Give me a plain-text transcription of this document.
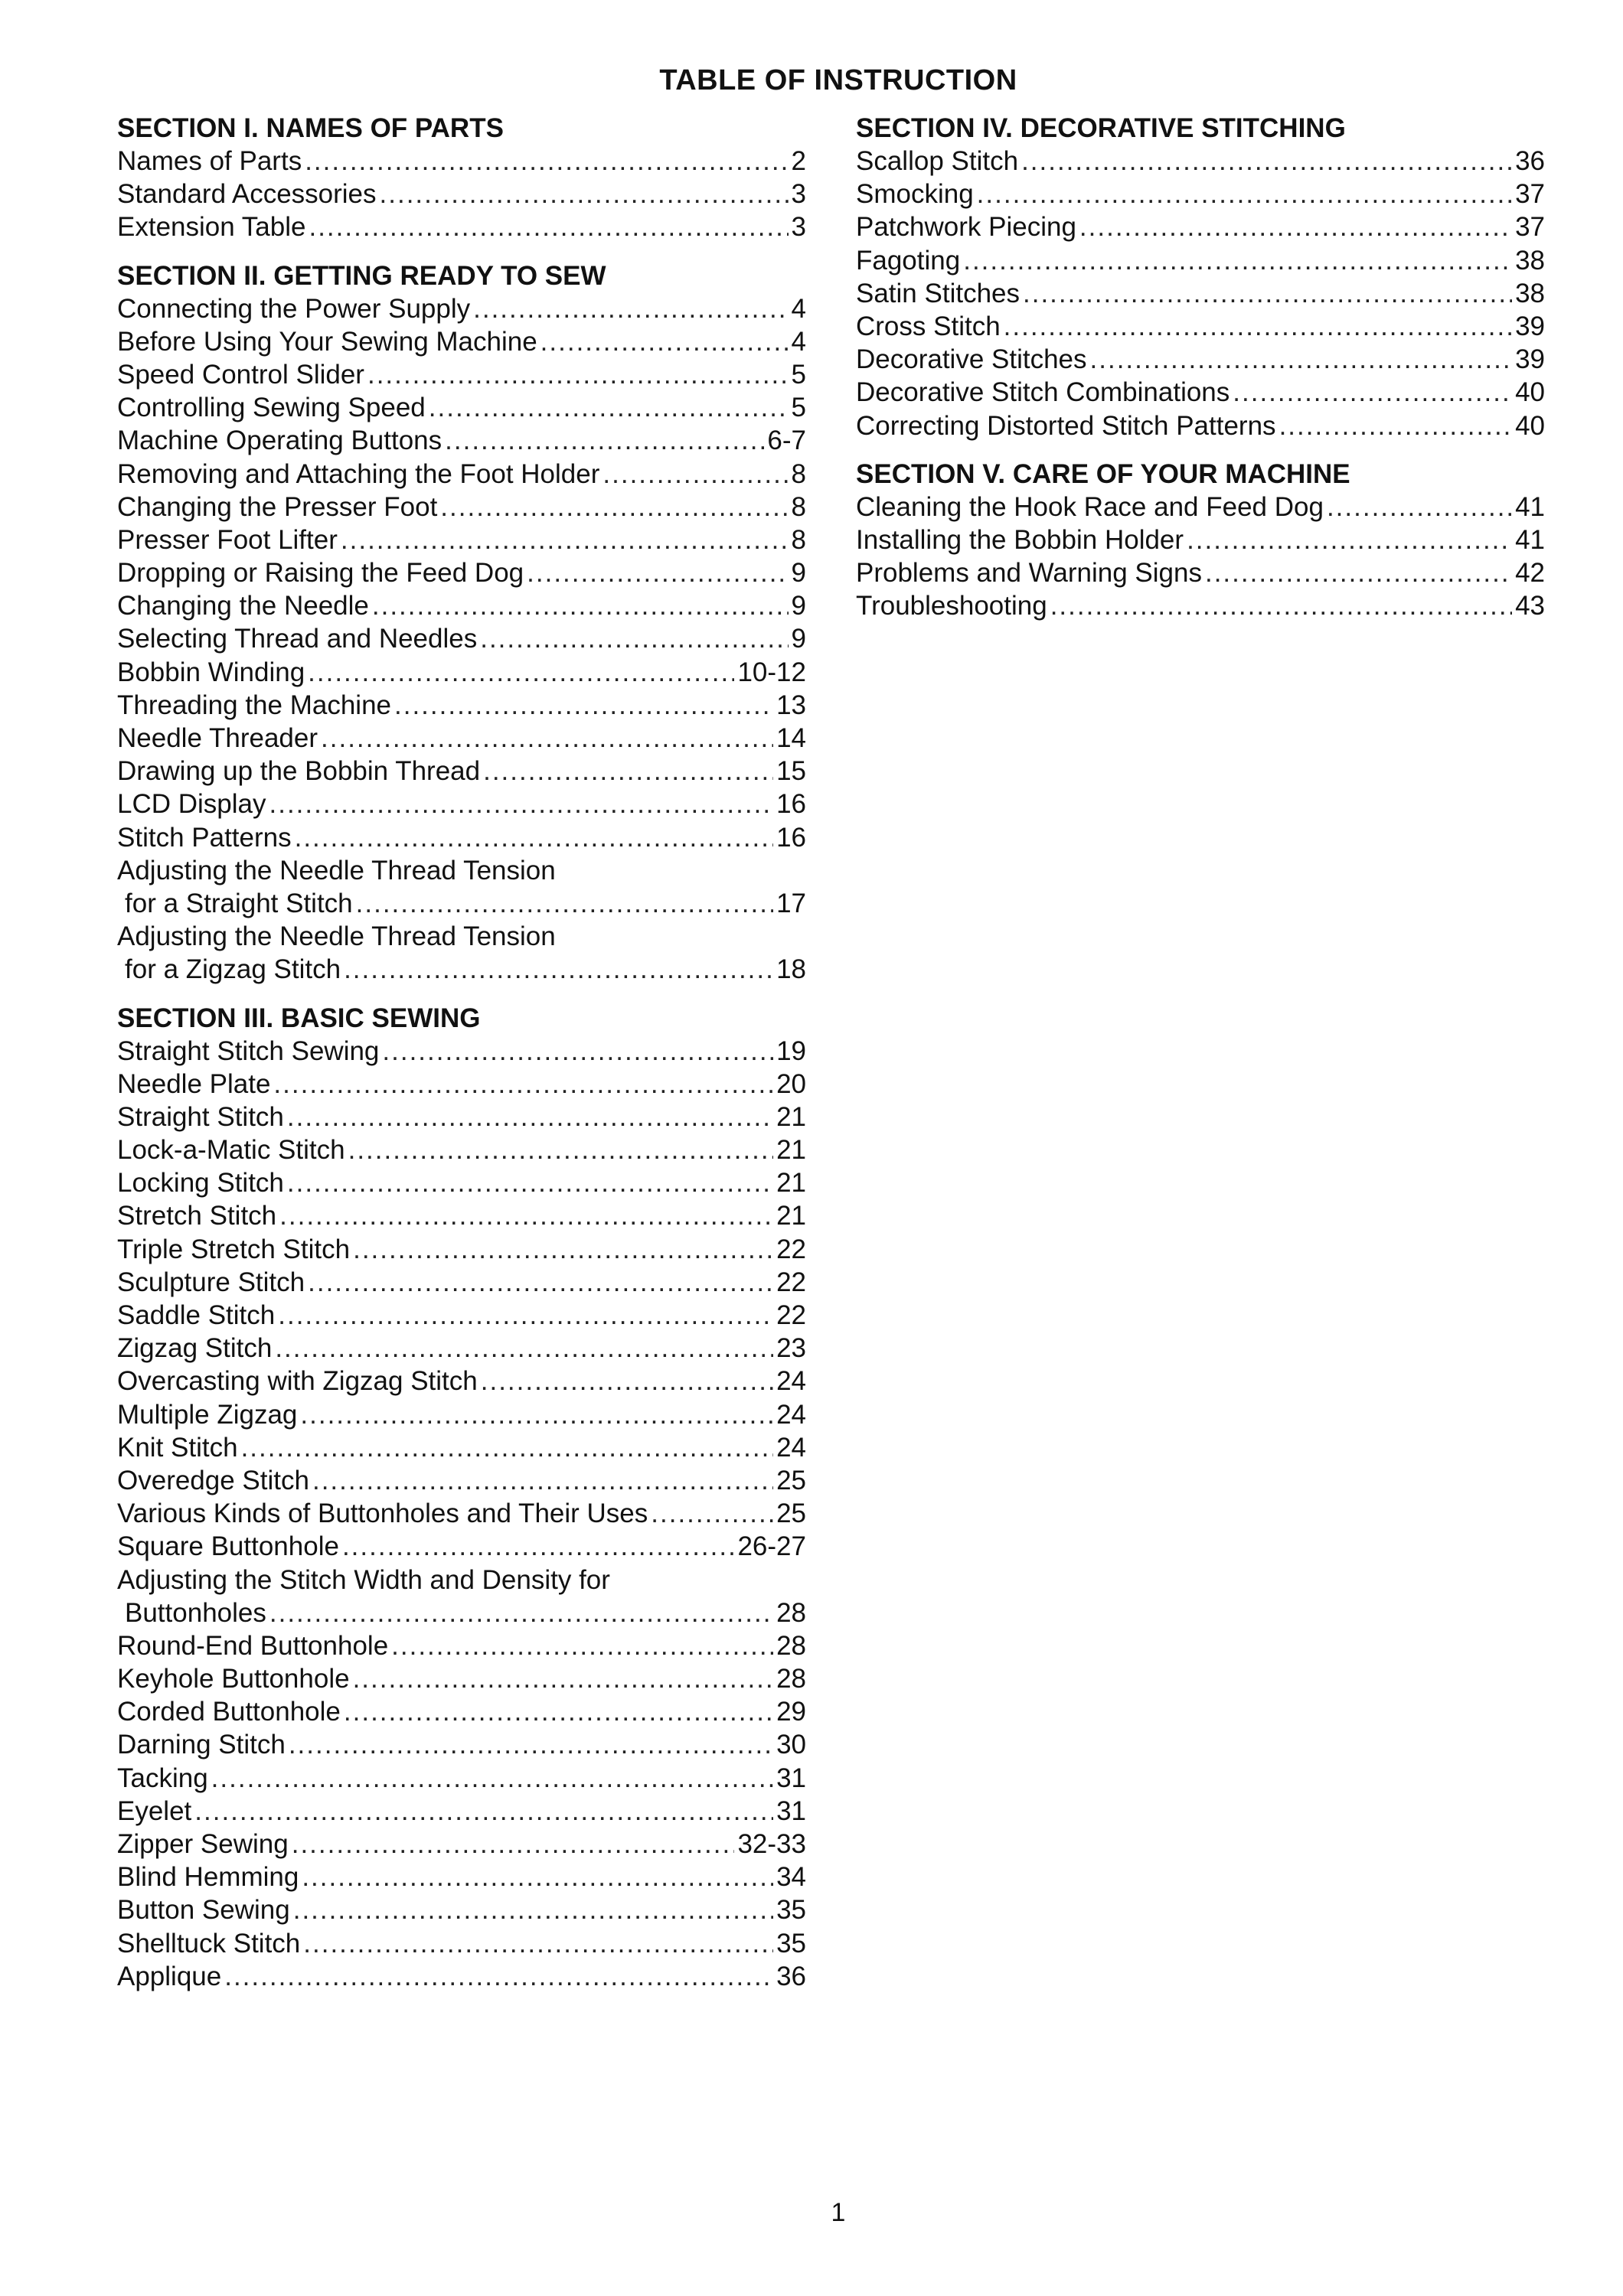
TABLE OF INSTRUCTION
SECTION I. NAMES OF PARTS
Names of Parts .....	2
Standard Accessories .....	3
Extension Table .....	3
SECTION II. GETTING READY TO SEW
Connecting the Power Supply .....	4
Before Using Your Sewing Machine .....	4
Speed Control Slider .....	5
Controlling Sewing Speed .....	5
Machine Operating Buttons .....	6-7
Removing and Attaching the Foot Holder .....	8
Changing the Presser Foot .....	8
Presser Foot Lifter .....	8
Dropping or Raising the Feed Dog .....	9
Changing the Needle .....	9
Selecting Thread and Needles .....	9
Bobbin Winding .....	10-12
Threading the Machine .....	13
Needle Threader .....	14
Drawing up the Bobbin Thread .....	15
LCD Display .....	16
Stitch Patterns .....	16
Adjusting the Needle Thread Tension
for a Straight Stitch .....	17
Adjusting the Needle Thread Tension
for a Zigzag Stitch .....	18
SECTION III. BASIC SEWING
Straight Stitch Sewing .....	19
Needle Plate .....	20
Straight Stitch .....	21
Lock-a-Matic Stitch .....	21
Locking Stitch .....	21
Stretch Stitch .....	21
Triple Stretch Stitch .....	22
Sculpture Stitch .....	22
Saddle Stitch .....	22
Zigzag Stitch .....	23
Overcasting with Zigzag Stitch .....	24
Multiple Zigzag .....	24
Knit Stitch .....	24
Overedge Stitch .....	25
Various Kinds of Buttonholes and Their Uses .....	25
Square Buttonhole .....	26-27
Adjusting the Stitch Width and Density for
Buttonholes .....	28
Round-End Buttonhole .....	28
Keyhole Buttonhole .....	28
Corded Buttonhole .....	29
Darning Stitch .....	30
Tacking .....	31
Eyelet .....	31
Zipper Sewing .....	32-33
Blind Hemming .....	34
Button Sewing .....	35
Shelltuck Stitch .....	35
Applique .....	36
SECTION IV. DECORATIVE STITCHING
Scallop Stitch .....	36
Smocking .....	37
Patchwork Piecing .....	37
Fagoting .....	38
Satin Stitches .....	38
Cross Stitch .....	39
Decorative Stitches .....	39
Decorative Stitch Combinations .....	40
Correcting Distorted Stitch Patterns .....	40
SECTION V. CARE OF YOUR MACHINE
Cleaning the Hook Race and Feed Dog .....	41
Installing the Bobbin Holder .....	41
Problems and Warning Signs .....	42
Troubleshooting .....	43
1
